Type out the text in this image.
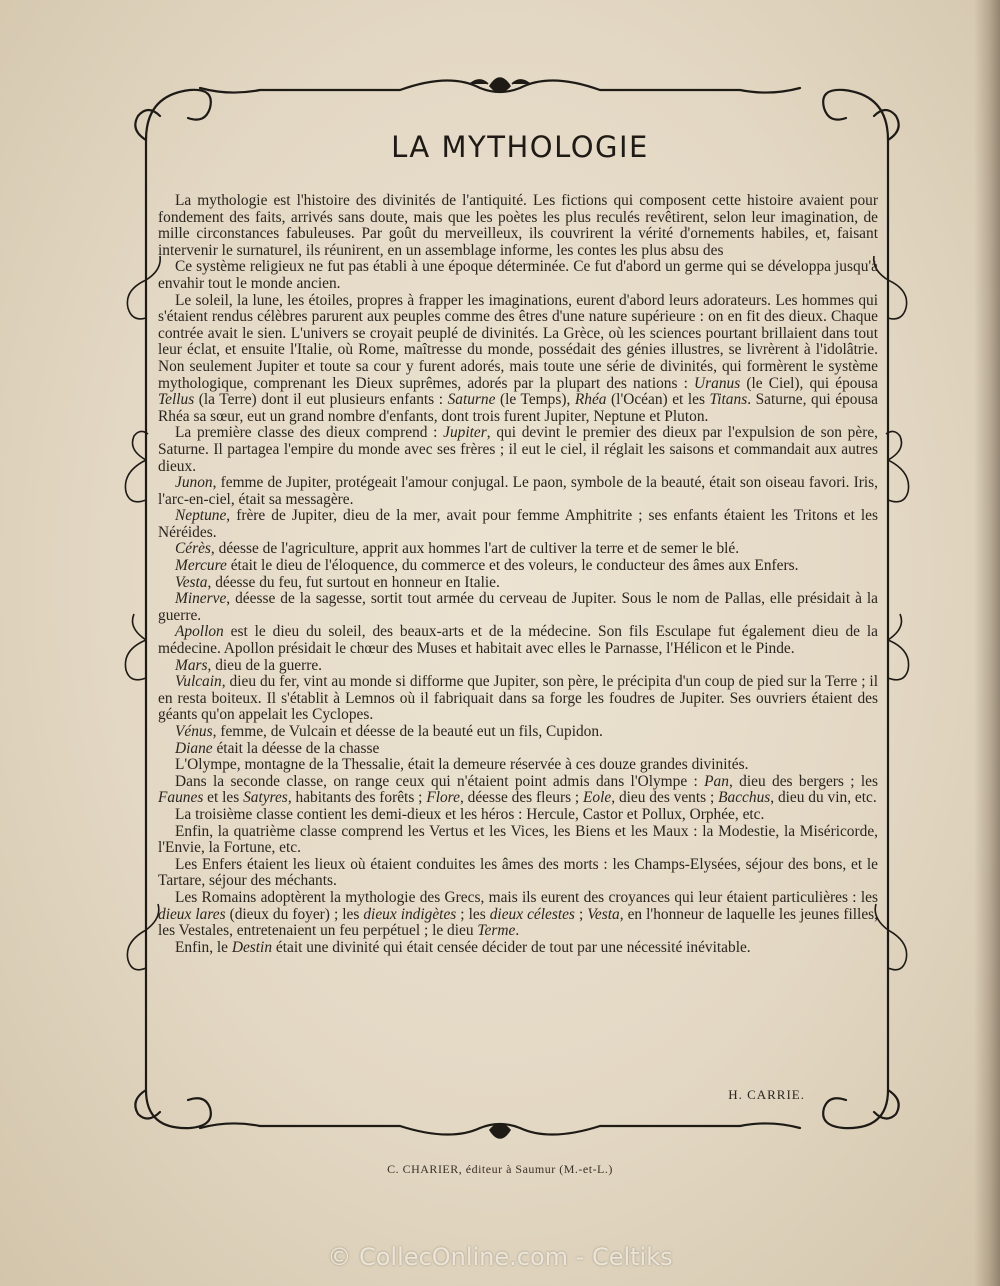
LA MYTHOLOGIE

La mythologie est l'histoire des divinités de l'antiquité. Les fictions qui composent cette histoire avaient pour fondement des faits, arrivés sans doute, mais que les poètes les plus reculés revêtirent, selon leur imagination, de mille circonstances fabuleuses. Par goût du merveilleux, ils couvrirent la vérité d'ornements habiles, et, faisant intervenir le surnaturel, ils réunirent, en un assemblage informe, les contes les plus absu des

Ce système religieux ne fut pas établi à une époque déterminée. Ce fut d'abord un germe qui se développa jusqu'à envahir tout le monde ancien.

Le soleil, la lune, les étoiles, propres à frapper les imaginations, eurent d'abord leurs adorateurs. Les hommes qui s'étaient rendus célèbres parurent aux peuples comme des êtres d'une nature supérieure : on en fit des dieux. Chaque contrée avait le sien. L'univers se croyait peuplé de divinités. La Grèce, où les sciences pourtant brillaient dans tout leur éclat, et ensuite l'Italie, où Rome, maîtresse du monde, possédait des génies illustres, se livrèrent à l'idolâtrie. Non seulement Jupiter et toute sa cour y furent adorés, mais toute une série de divinités, qui formèrent le système mythologique, comprenant les Dieux suprêmes, adorés par la plupart des nations : Uranus (le Ciel), qui épousa Tellus (la Terre) dont il eut plusieurs enfants : Saturne (le Temps), Rhéa (l'Océan) et les Titans. Saturne, qui épousa Rhéa sa sœur, eut un grand nombre d'enfants, dont trois furent Jupiter, Neptune et Pluton.

La première classe des dieux comprend : Jupiter, qui devint le premier des dieux par l'expulsion de son père, Saturne. Il partagea l'empire du monde avec ses frères ; il eut le ciel, il réglait les saisons et commandait aux autres dieux.

Junon, femme de Jupiter, protégeait l'amour conjugal. Le paon, symbole de la beauté, était son oiseau favori. Iris, l'arc-en-ciel, était sa messagère.

Neptune, frère de Jupiter, dieu de la mer, avait pour femme Amphitrite ; ses enfants étaient les Tritons et les Néréides.

Cérès, déesse de l'agriculture, apprit aux hommes l'art de cultiver la terre et de semer le blé.

Mercure était le dieu de l'éloquence, du commerce et des voleurs, le conducteur des âmes aux Enfers.

Vesta, déesse du feu, fut surtout en honneur en Italie.

Minerve, déesse de la sagesse, sortit tout armée du cerveau de Jupiter. Sous le nom de Pallas, elle présidait à la guerre.

Apollon est le dieu du soleil, des beaux-arts et de la médecine. Son fils Esculape fut également dieu de la médecine. Apollon présidait le chœur des Muses et habitait avec elles le Parnasse, l'Hélicon et le Pinde.

Mars, dieu de la guerre.

Vulcain, dieu du fer, vint au monde si difforme que Jupiter, son père, le précipita d'un coup de pied sur la Terre ; il en resta boiteux. Il s'établit à Lemnos où il fabriquait dans sa forge les foudres de Jupiter. Ses ouvriers étaient des géants qu'on appelait les Cyclopes.

Vénus, femme, de Vulcain et déesse de la beauté eut un fils, Cupidon.

Diane était la déesse de la chasse

L'Olympe, montagne de la Thessalie, était la demeure réservée à ces douze grandes divinités.

Dans la seconde classe, on range ceux qui n'étaient point admis dans l'Olympe : Pan, dieu des bergers ; les Faunes et les Satyres, habitants des forêts ; Flore, déesse des fleurs ; Eole, dieu des vents ; Bacchus, dieu du vin, etc.

La troisième classe contient les demi-dieux et les héros : Hercule, Castor et Pollux, Orphée, etc.

Enfin, la quatrième classe comprend les Vertus et les Vices, les Biens et les Maux : la Modestie, la Miséricorde, l'Envie, la Fortune, etc.

Les Enfers étaient les lieux où étaient conduites les âmes des morts : les Champs-Elysées, séjour des bons, et le Tartare, séjour des méchants.

Les Romains adoptèrent la mythologie des Grecs, mais ils eurent des croyances qui leur étaient particulières : les dieux lares (dieux du foyer) ; les dieux indigètes ; les dieux célestes ; Vesta, en l'honneur de laquelle les jeunes filles, les Vestales, entretenaient un feu perpétuel ; le dieu Terme.

Enfin, le Destin était une divinité qui était censée décider de tout par une nécessité inévitable.

H. CARRIE.
C. CHARIER, éditeur à Saumur (M.-et-L.)
© CollecOnline.com - Celtiks
